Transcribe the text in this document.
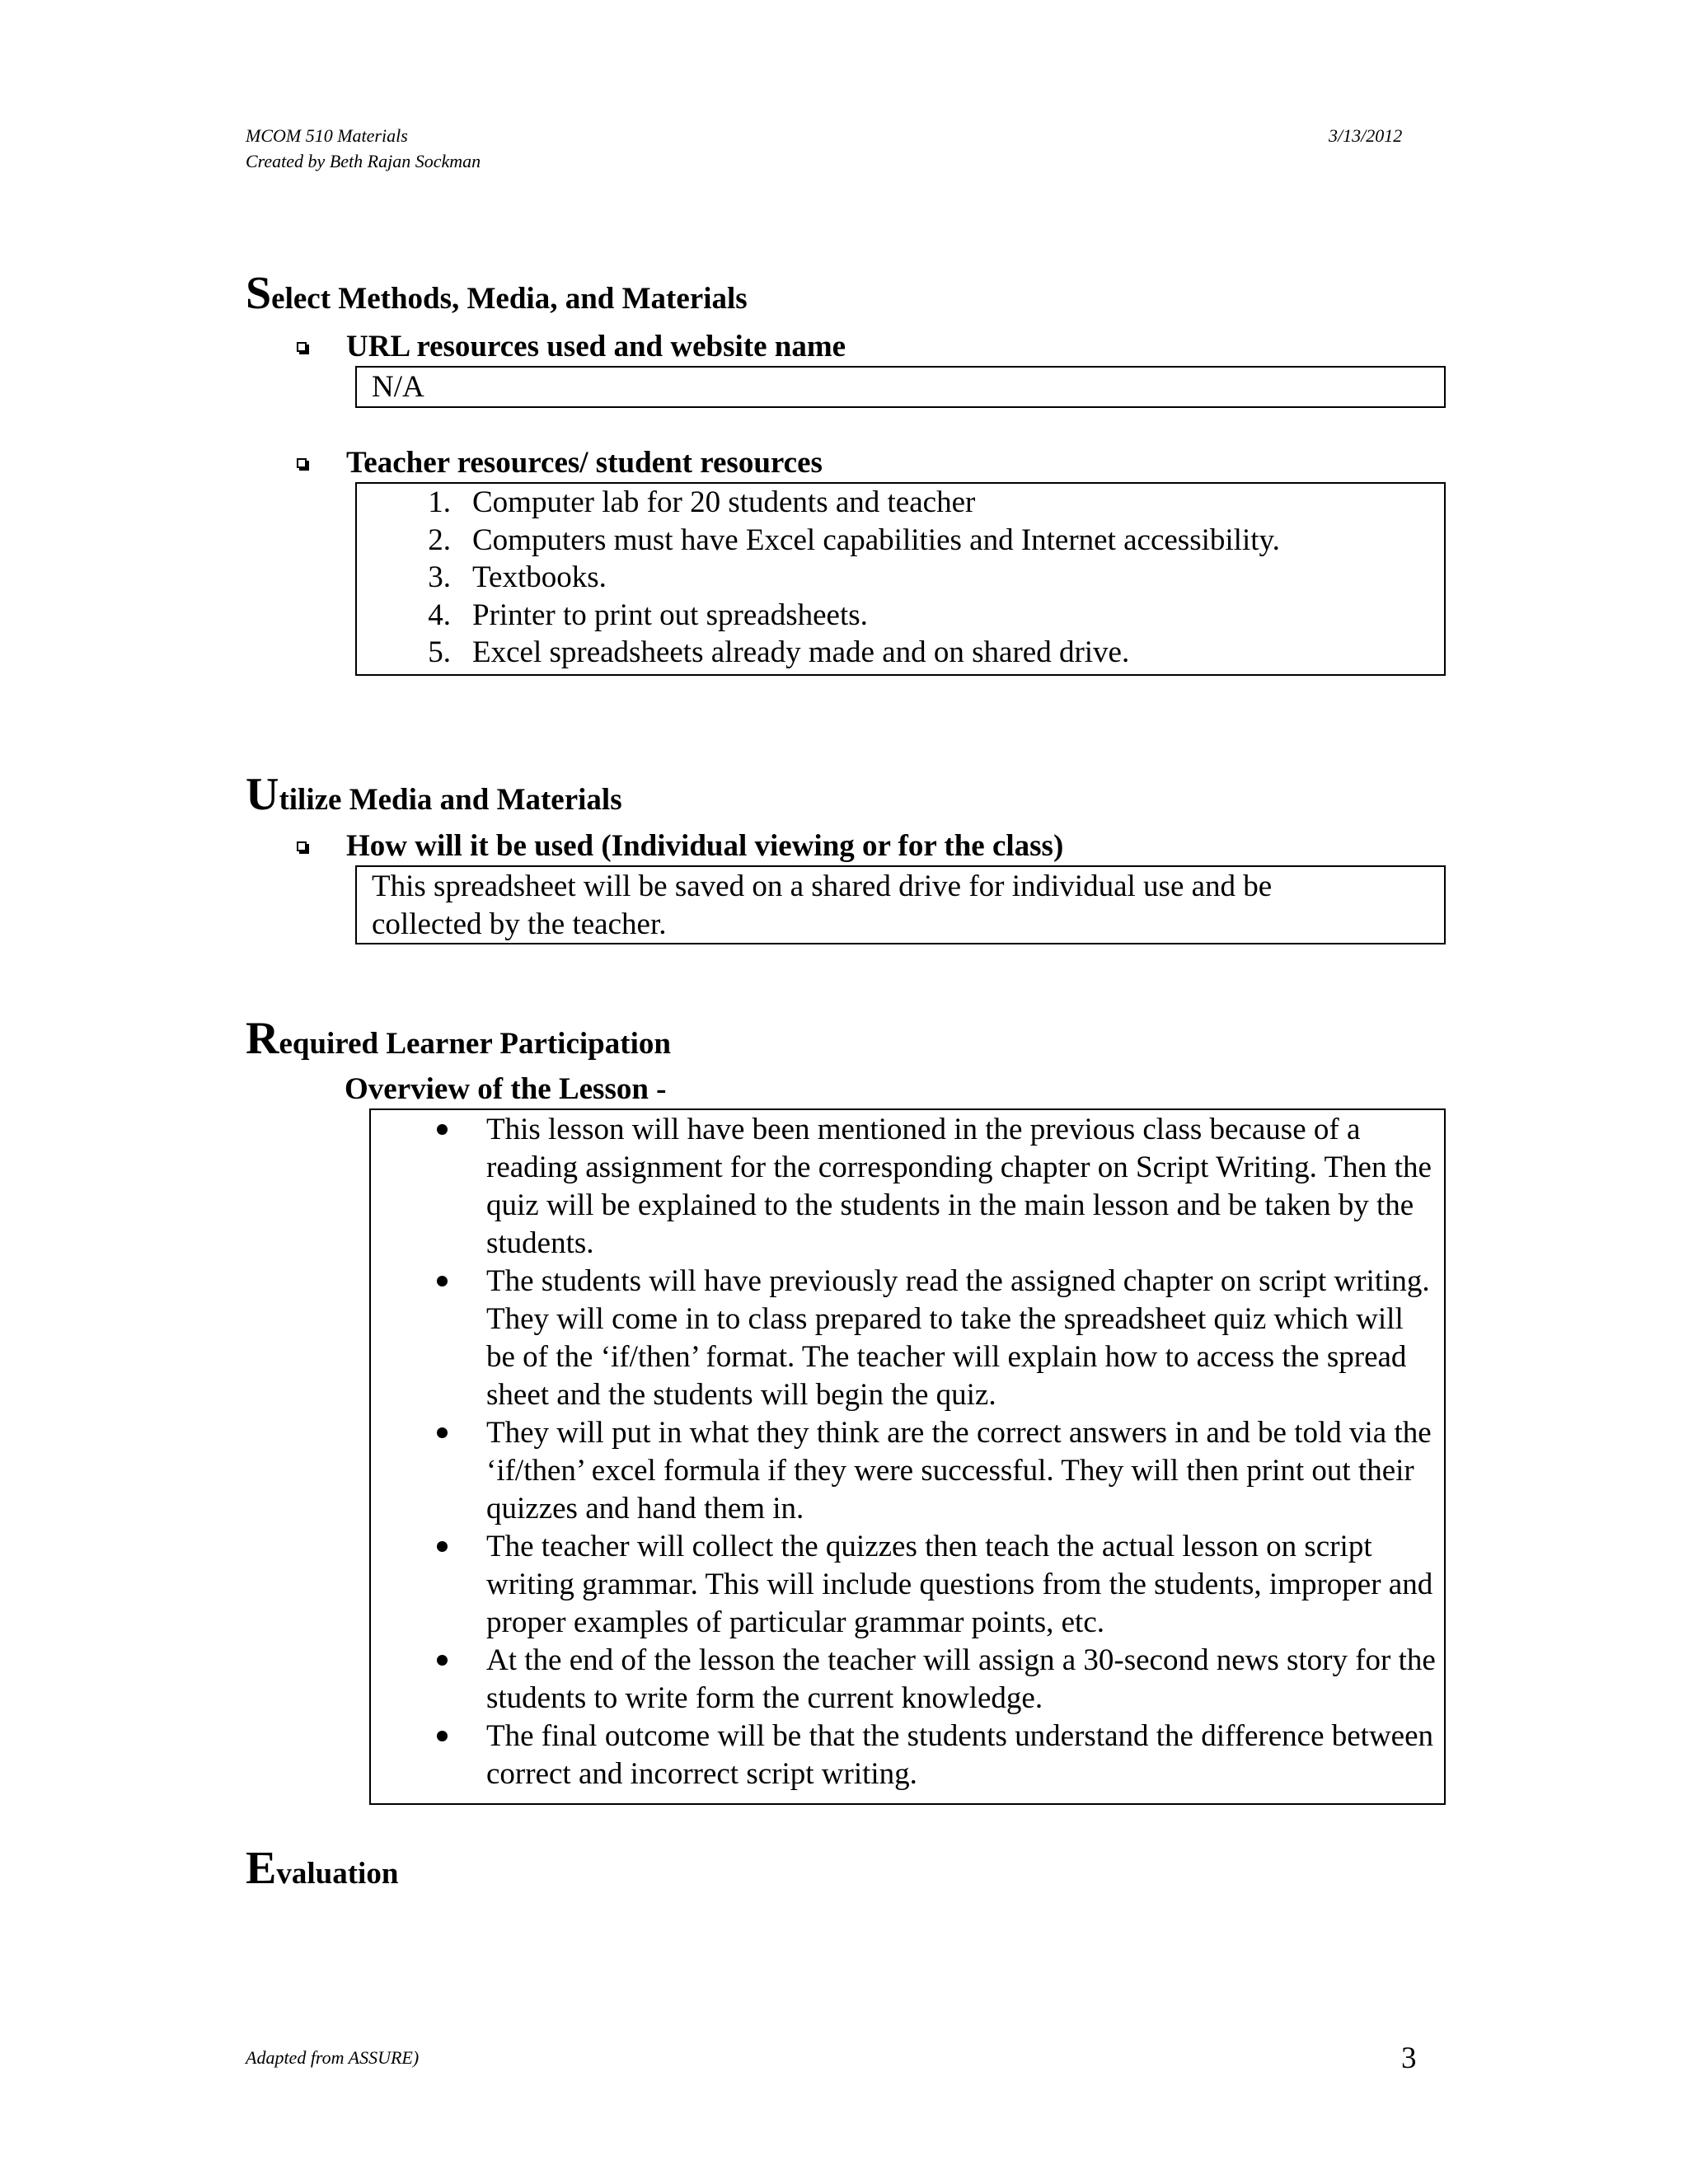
MCOM 510 Materials
Created by Beth Rajan Sockman
3/13/2012
Select Methods, Media, and Materials
URL resources used and website name
N/A
Teacher resources/ student resources
1. Computer lab for 20 students and teacher
2. Computers must have Excel capabilities and Internet accessibility.
3. Textbooks.
4. Printer to print out spreadsheets.
5. Excel spreadsheets already made and on shared drive.
Utilize Media and Materials
How will it be used (Individual viewing or for the class)
This spreadsheet will be saved on a shared drive for individual use and be collected by the teacher.
Required Learner Participation
Overview of the Lesson -
This lesson will have been mentioned in the previous class because of a reading assignment for the corresponding chapter on Script Writing. Then the quiz will be explained to the students in the main lesson and be taken by the students.
The students will have previously read the assigned chapter on script writing. They will come in to class prepared to take the spreadsheet quiz which will be of the ‘if/then’ format. The teacher will explain how to access the spread sheet and the students will begin the quiz.
They will put in what they think are the correct answers in and be told via the ‘if/then’ excel formula if they were successful. They will then print out their quizzes and hand them in.
The teacher will collect the quizzes then teach the actual lesson on script writing grammar. This will include questions from the students, improper and proper examples of particular grammar points, etc.
At the end of the lesson the teacher will assign a 30-second news story for the students to write form the current knowledge.
The final outcome will be that the students understand the difference between correct and incorrect script writing.
Evaluation
Adapted from ASSURE)	3
